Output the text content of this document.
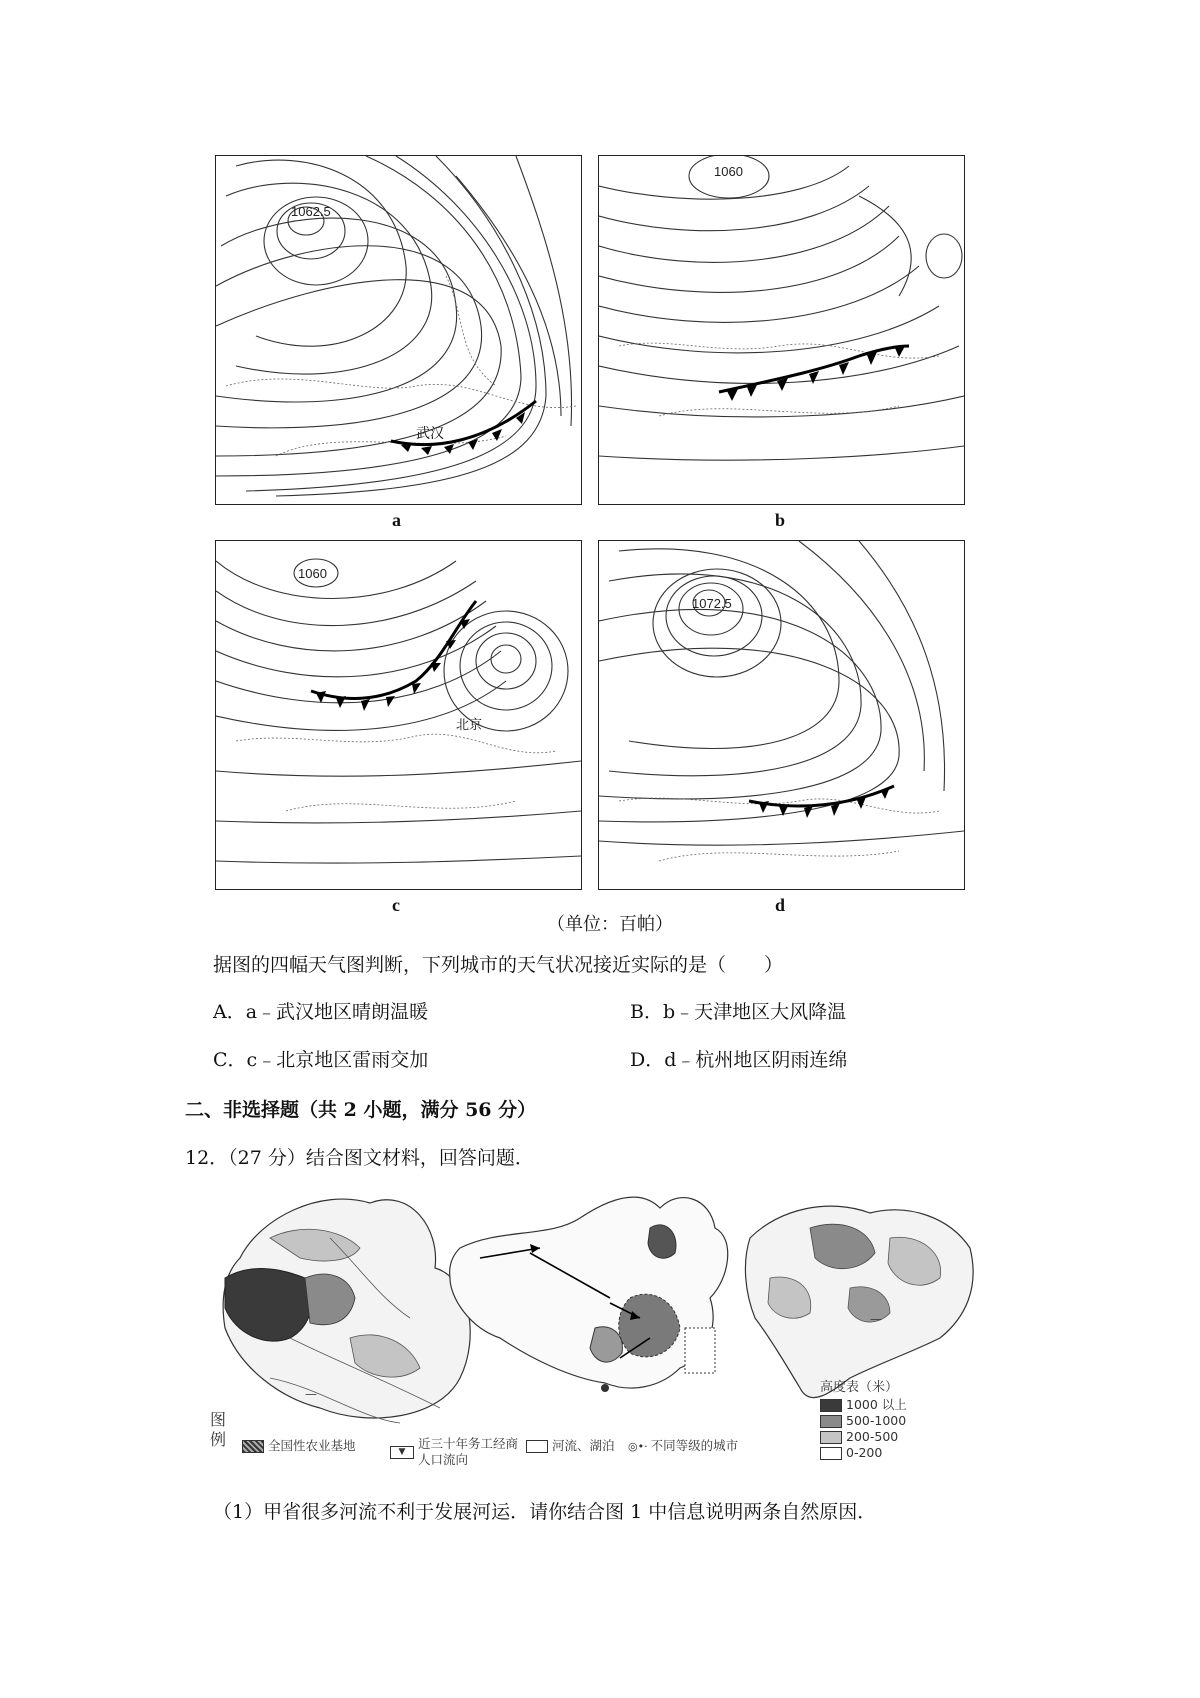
1062.5
武汉
a
1060
b
1060
北京
c
1072.5
d
（单位：百帕）
据图的四幅天气图判断，下列城市的天气状况接近实际的是（　　）
A．a﹣武汉地区晴朗温暖	B．b﹣天津地区大风降温
C．c﹣北京地区雷雨交加	D．d﹣杭州地区阴雨连绵
二、非选择题（共 2 小题，满分 56 分）
12．（27 分）结合图文材料，回答问题．
—
—
图例	全国性农业基地	▼近三十年务工经商人口流向
河流、湖泊 ◎•· 不同等级的城市
高度表（米）
1000 以上
500-1000
200-500
0-200
（1）甲省很多河流不利于发展河运．请你结合图 1 中信息说明两条自然原因．
